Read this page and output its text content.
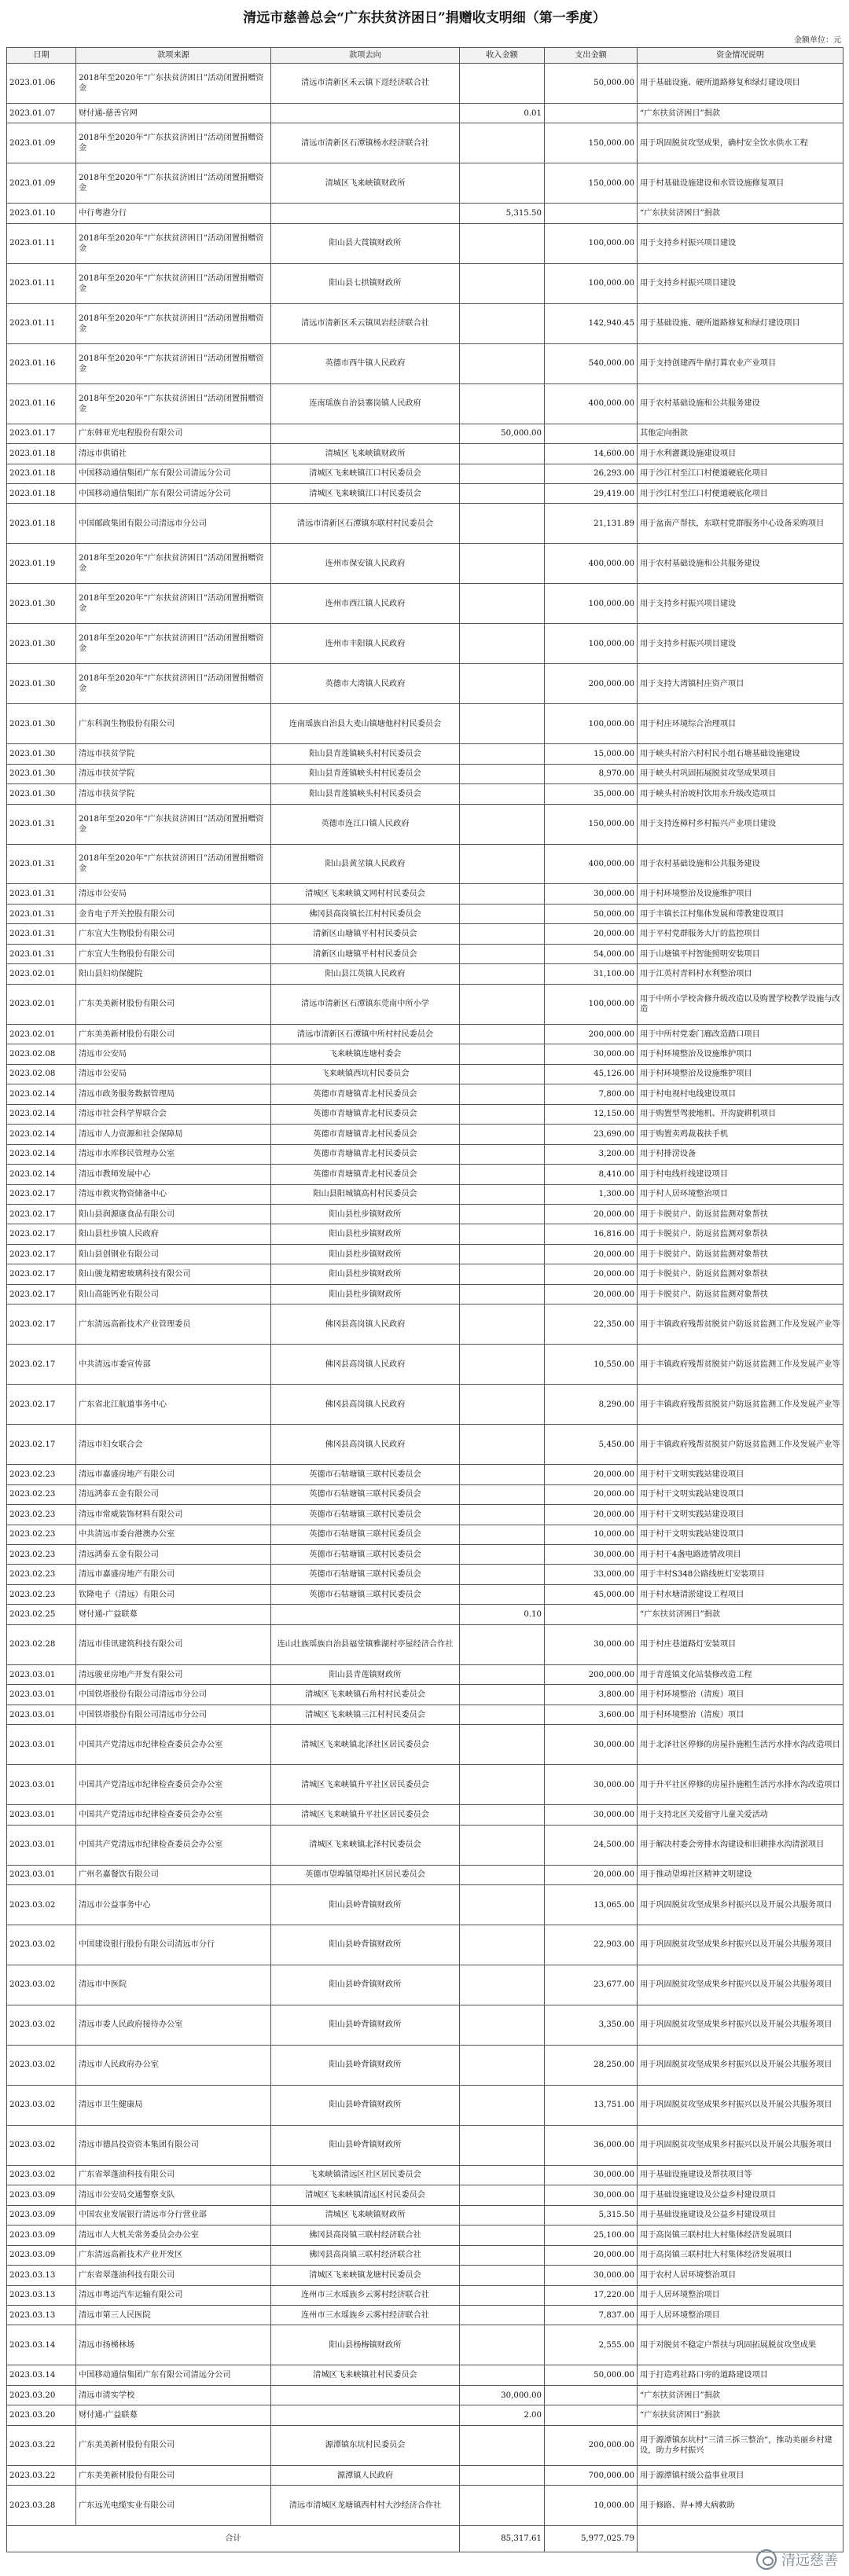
清远市慈善总会“广东扶贫济困日”捐赠收支明细（第一季度）
金额单位：元
日期	款项来源	款项去向	收入金额	支出金额	资金情况说明
2023.01.06	2018年至2020年“广东扶贫济困日”活动闭置捐赠资金	清远市清新区禾云镇下逕经济联合社		50,000.00	用于基础设施、硬所道路修复和绿灯建设项目
2023.01.07	财付通-慈善官网		0.01		“广东扶贫济困日”捐款
2023.01.09	2018年至2020年“广东扶贫济困日”活动闭置捐赠资金	清远市清新区石潭镇杨水经济联合社		150,000.00	用于巩固脱贫攻坚成果，确村安全饮水供水工程
2023.01.09	2018年至2020年“广东扶贫济困日”活动闭置捐赠资金	清城区飞来峡镇财政所		150,000.00	用于村基础设施建设和水管设施修复项目
2023.01.10	中行粤港分行		5,315.50		“广东扶贫济困日”捐款
2023.01.11	2018年至2020年“广东扶贫济困日”活动闭置捐赠资金	阳山县大莨镇财政所		100,000.00	用于支持乡村振兴项目建设
2023.01.11	2018年至2020年“广东扶贫济困日”活动闭置捐赠资金	阳山县七拱镇财政所		100,000.00	用于支持乡村振兴项目建设
2023.01.11	2018年至2020年“广东扶贫济困日”活动闭置捐赠资金	清远市清新区禾云镇凤岩经济联合社		142,940.45	用于基础设施、硬所道路修复和绿灯建设项目
2023.01.16	2018年至2020年“广东扶贫济困日”活动闭置捐赠资金	英德市西牛镇人民政府		540,000.00	用于支持创建西牛鼎打算农业产业项目
2023.01.16	2018年至2020年“广东扶贫济困日”活动闭置捐赠资金	连南瑶族自治县寨岗镇人民政府		400,000.00	用于农村基础设施和公共服务建设
2023.01.17	广东韩亚光电程股份有限公司		50,000.00		其他定向捐款
2023.01.18	清远市供销社	清城区飞来峡镇财政所		14,600.00	用于水利灌溉设施建设项目
2023.01.18	中国移动通信集团广东有限公司清远分公司	清城区飞来峡镇江口村民委员会		26,293.00	用于沙江村至江口村便道硬底化项目
2023.01.18	中国移动通信集团广东有限公司清远分公司	清城区飞来峡镇江口村民委员会		29,419.00	用于沙江村至江口村便道硬底化项目
2023.01.18	中国邮政集团有限公司清远市分公司	清远市清新区石潭镇东联村村民委员会		21,131.89	用于盆南产帮扶，东联村党群服务中心设备采购项目
2023.01.19	2018年至2020年“广东扶贫济困日”活动闭置捐赠资金	连州市保安镇人民政府		400,000.00	用于农村基础设施和公共服务建设
2023.01.30	2018年至2020年“广东扶贫济困日”活动闭置捐赠资金	连州市西江镇人民政府		100,000.00	用于支持乡村振兴项目建设
2023.01.30	2018年至2020年“广东扶贫济困日”活动闭置捐赠资金	连州市丰阳镇人民政府		100,000.00	用于支持乡村振兴项目建设
2023.01.30	2018年至2020年“广东扶贫济困日”活动闭置捐赠资金	英德市大湾镇人民政府		200,000.00	用于支持大湾镇村庄资产项目
2023.01.30	广东科润生物股份有限公司	连南瑶族自治县大麦山镇塘他村村民委员会		100,000.00	用于村庄环境综合治理项目
2023.01.30	清远市扶贫学院	阳山县青莲镇峡头村村民委员会		15,000.00	用于峡头村治六村村民小组石塘基础设施建设
2023.01.30	清远市扶贫学院	阳山县青莲镇峡头村村民委员会		8,970.00	用于峡头村巩固拓展脱贫攻坚成果项目
2023.01.30	清远市扶贫学院	阳山县青莲镇峡头村村民委员会		35,000.00	用于峡头村治坡村饮用水升级改造项目
2023.01.31	2018年至2020年“广东扶贫济困日”活动闭置捐赠资金	英德市连江口镇人民政府		150,000.00	用于支持连樟村乡村振兴产业项目建设
2023.01.31	2018年至2020年“广东扶贫济困日”活动闭置捐赠资金	阳山县黄坌镇人民政府		400,000.00	用于农村基础设施和公共服务建设
2023.01.31	清远市公安局	清城区飞来峡镇文网村村民委员会		30,000.00	用于村环境整治及设施维护项目
2023.01.31	金肯电子开关控股有限公司	佛冈县高岗镇长江村村民委员会		50,000.00	用于丰镇长江村集体发展和带教建设项目
2023.01.31	广东宜大生物股份有限公司	清新区山塘镇平村村民委员会		20,000.00	用于平村党群服务大厅的监控项目
2023.01.31	广东宜大生物股份有限公司	清新区山塘镇平村村民委员会		54,000.00	用于山塘镇平村智能照明安装项目
2023.02.01	阳山县妇幼保健院	阳山县江英镇人民政府		31,100.00	用于江英村青料村水利整治项目
2023.02.01	广东美美新材股份有限公司	清远市清新区石潭镇东莞南中所小学		100,000.00	用于中所小学校舍修升级改造以及购置学校教学设施与改造
2023.02.01	广东美美新材股份有限公司	清远市清新区石潭镇中所村村民委员会		200,000.00	用于中所村党委门廊改造踏口项目
2023.02.08	清远市公安局	飞来峡镇连塘村委会		30,000.00	用于村环境整治及设施维护项目
2023.02.08	清远市公安局	飞来峡镇西坑村民委员会		45,126.00	用于村环境整治及设施维护项目
2023.02.14	清远市政务服务数据管理局	英德市青塘镇青北村民委员会		7,800.00	用于村电视村电线建设项目
2023.02.14	清远市社会科学界联合会	英德市青塘镇青北村民委员会		12,150.00	用于购置型驾驶地机、开沟旋耕机项目
2023.02.14	清远市人力资源和社会保障局	英德市青塘镇青北村民委员会		23,690.00	用于购置卖鸡裁栽扶手机
2023.02.14	清远市水库移民管理办公室	英德市青塘镇青北村民委员会		3,200.00	用于村排涝设备
2023.02.14	清远市教师发展中心	英德市青塘镇青北村民委员会		8,410.00	用于村电线杆线建设项目
2023.02.17	清远市救灾物资储备中心	阳山县阳城镇高村村民委员会		1,300.00	用于村人居环境整治项目
2023.02.17	阳山县润源康食品有限公司	阳山县杜步镇财政所		20,000.00	用于卡脱贫户、防返贫监测对象帮扶
2023.02.17	阳山县杜步镇人民政府	阳山县杜步镇财政所		16,816.00	用于卡脱贫户、防返贫监测对象帮扶
2023.02.17	阳山县创钢业有限公司	阳山县杜步镇财政所		20,000.00	用于卡脱贫户、防返贫监测对象帮扶
2023.02.17	阳山骏龙精密玻璃科技有限公司	阳山县杜步镇财政所		20,000.00	用于卡脱贫户、防返贫监测对象帮扶
2023.02.17	阳山高能钙业有限公司	阳山县杜步镇财政所		20,000.00	用于卡脱贫户、防返贫监测对象帮扶
2023.02.17	广东清远高新技术产业管理委员	佛冈县高岗镇人民政府		22,350.00	用于丰镇政府残帮贫脱贫户防返贫监测工作及发展产业等
2023.02.17	中共清远市委宣传部	佛冈县高岗镇人民政府		10,550.00	用于丰镇政府残帮贫脱贫户防返贫监测工作及发展产业等
2023.02.17	广东省北江航道事务中心	佛冈县高岗镇人民政府		8,290.00	用于丰镇政府残帮贫脱贫户防返贫监测工作及发展产业等
2023.02.17	清远市妇女联合会	佛冈县高岗镇人民政府		5,450.00	用于丰镇政府残帮贫脱贫户防返贫监测工作及发展产业等
2023.02.23	清远市嘉盛房地产有限公司	英德市石牯塘镇三联村民委员会		20,000.00	用于村干文明实践站建设项目
2023.02.23	清远鸿泰五金有限公司	英德市石牯塘镇三联村民委员会		20,000.00	用于村干文明实践站建设项目
2023.02.23	清远市常威装饰材料有限公司	英德市石牯塘镇三联村民委员会		20,000.00	用于村干文明实践站建设项目
2023.02.23	中共清远市委台港澳办公室	英德市石牯塘镇三联村民委员会		10,000.00	用于村干文明实践站建设项目
2023.02.23	清远鸿泰五金有限公司	英德市石牯塘镇三联村民委员会		30,000.00	用于村干4盏电路迹情改项目
2023.02.23	清远市嘉盛房地产有限公司	英德市石牯塘镇三联村民委员会		33,000.00	用于丰村S348公路线桩灯安装项目
2023.02.23	钦隆电子（清远）有限公司	英德市石牯塘镇三联村民委员会		45,000.00	用于村水塘清淤建设工程项目
2023.02.25	财付通-广益联募		0.10		“广东扶贫济困日”捐款
2023.02.28	清远市佳讯建筑科技有限公司	连山壮族瑶族自治县福堂镇雅湖村亭屋经济合作社		30,000.00	用于村庄巷道路灯安装项目
2023.03.01	清远骏亚房地产开发有限公司	阳山县青莲镇财政所		200,000.00	用于青莲镇文化站装修改造工程
2023.03.01	中国铁塔股份有限公司清远市分公司	清城区飞来峡镇石角村村民委员会		3,800.00	用于村环境整治（清废）项目
2023.03.01	中国铁塔股份有限公司清远市分公司	清城区飞来峡镇三江村村民委员会		3,600.00	用于村环境整治（清废）项目
2023.03.01	中国共产党清远市纪律检查委员会办公室	清城区飞来峡镇北泽社区居民委员会		30,000.00	用于北泽社区停修的房屋扑施粗生活污水排水沟改造项目
2023.03.01	中国共产党清远市纪律检查委员会办公室	清城区飞来峡镇升平社区居民委员会		30,000.00	用于升平社区停修的房屋扑施粗生活污水排水沟改造项目
2023.03.01	中国共产党清远市纪律检查委员会办公室	清城区飞来峡镇升平社区居民委员会		30,000.00	用于支持北区关爱留守儿童关爱活动
2023.03.01	中国共产党清远市纪律检查委员会办公室	清城区飞来峡镇北泽村民委员会		24,500.00	用于解决村委会旁排水沟建设和旧耕排水沟清淤项目
2023.03.01	广州名嘉餐饮有限公司	英德市望埠镇望埠社区居民委员会		20,000.00	用于推动望埠社区精神文明建设
2023.03.02	清远市公益事务中心	阳山县岭背镇财政所		13,065.00	用于巩固脱贫攻坚成果乡村振兴以及开展公共服务项目
2023.03.02	中国建设银行股份有限公司清远市分行	阳山县岭背镇财政所		22,903.00	用于巩固脱贫攻坚成果乡村振兴以及开展公共服务项目
2023.03.02	清远市中医院	阳山县岭背镇财政所		23,677.00	用于巩固脱贫攻坚成果乡村振兴以及开展公共服务项目
2023.03.02	清远市委人民政府接待办公室	阳山县岭背镇财政所		3,350.00	用于巩固脱贫攻坚成果乡村振兴以及开展公共服务项目
2023.03.02	清远市人民政府办公室	阳山县岭背镇财政所		28,250.00	用于巩固脱贫攻坚成果乡村振兴以及开展公共服务项目
2023.03.02	清远市卫生健康局	阳山县岭背镇财政所		13,751.00	用于巩固脱贫攻坚成果乡村振兴以及开展公共服务项目
2023.03.02	清远市德昌投资资本集团有限公司	阳山县岭背镇财政所		36,000.00	用于巩固脱贫攻坚成果乡村振兴以及开展公共服务项目
2023.03.02	广东省翠蓬油科技有限公司	飞来峡镇清远区社区居民委员会		30,000.00	用于基础设施建设及帮扶项目等
2023.03.09	清远市公安局交通警察支队	清城区飞来峡镇清远区村民委员会		30,000.00	用于基础设施建设及公益乡村建设项目
2023.03.09	中国农业发展银行清远市分行营业部	清城区飞来峡镇财政所		5,315.50	用于基础设施建设及公益乡村建设项目
2023.03.09	清远市人大机关常务委员会办公室	佛冈县高岗镇三联村经济联合社		25,100.00	用于高岗镇三联村壮大村集体经济发展项目
2023.03.09	广东清远高新技术产业开发区	佛冈县高岗镇三联村经济联合社		20,000.00	用于高岗镇三联村壮大村集体经济发展项目
2023.03.13	广东省翠蓬油科技有限公司	清城区飞来峡镇龙塘村民委员会		30,000.00	用于农村人居环境整治项目
2023.03.13	清远市粤运汽车运输有限公司	连州市三水瑶族乡云雾村经济联合社		17,220.00	用于人居环境整治项目
2023.03.13	清远市第三人民医院	连州市三水瑶族乡云雾村经济联合社		7,837.00	用于人居环境整治项目
2023.03.14	清远市扬梯林场	阳山县杨梅镇财政所		2,555.00	用于对脱贫不稳定户帮扶与巩固拓展脱贫攻坚成果
2023.03.14	中国移动通信集团广东有限公司清远分公司	清城区飞来峡镇社村民委员会		50,000.00	用于打造鸡社路口旁的道路建设项目
2023.03.20	清远市清实学校		30,000.00		“广东扶贫济困日”捐款
2023.03.20	财付通-广益联募		2.00		“广东扶贫济困日”捐款
2023.03.22	广东美美新材股份有限公司	源潭镇东坑村民委员会		200,000.00	用于源潭镇东坑村“三清三拆三整治”，推动美丽乡村建设，助力乡村振兴
2023.03.22	广东美美新材股份有限公司	源潭镇人民政府		700,000.00	用于源潭镇村级公益事业项目
2023.03.28	广东远光电缆实业有限公司	清远市清城区龙塘镇西村村大沙经济合作社		10,000.00	用于修路、羿+博大病救助
合计			85,317.61	5,977,025.79	
清远慈善
